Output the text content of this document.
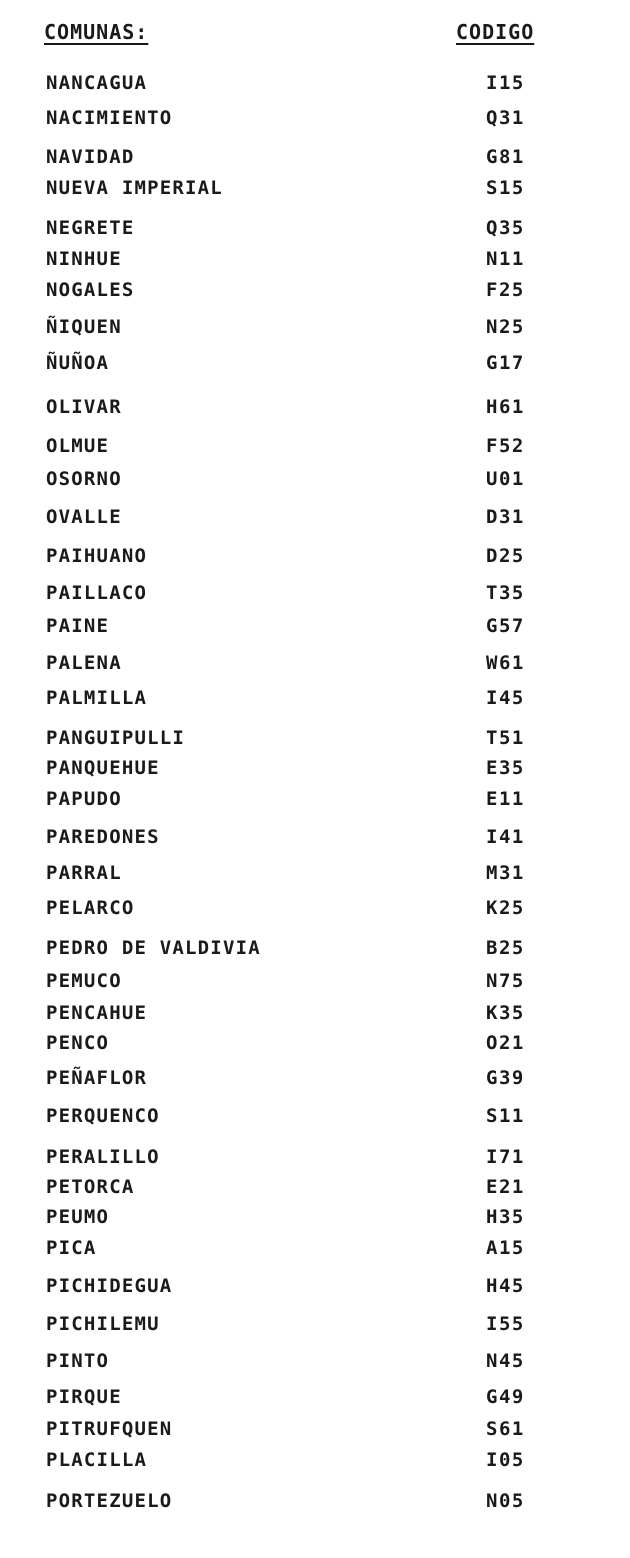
COMUNAS:	CODIGO
NANCAGUA	I15
NACIMIENTO	Q31
NAVIDAD	G81
NUEVA IMPERIAL	S15
NEGRETE	Q35
NINHUE	N11
NOGALES	F25
ÑIQUEN	N25
ÑUÑOA	G17
OLIVAR	H61
OLMUE	F52
OSORNO	U01
OVALLE	D31
PAIHUANO	D25
PAILLACO	T35
PAINE	G57
PALENA	W61
PALMILLA	I45
PANGUIPULLI	T51
PANQUEHUE	E35
PAPUDO	E11
PAREDONES	I41
PARRAL	M31
PELARCO	K25
PEDRO DE VALDIVIA	B25
PEMUCO	N75
PENCAHUE	K35
PENCO	O21
PEÑAFLOR	G39
PERQUENCO	S11
PERALILLO	I71
PETORCA	E21
PEUMO	H35
PICA	A15
PICHIDEGUA	H45
PICHILEMU	I55
PINTO	N45
PIRQUE	G49
PITRUFQUEN	S61
PLACILLA	I05
PORTEZUELO	N05
